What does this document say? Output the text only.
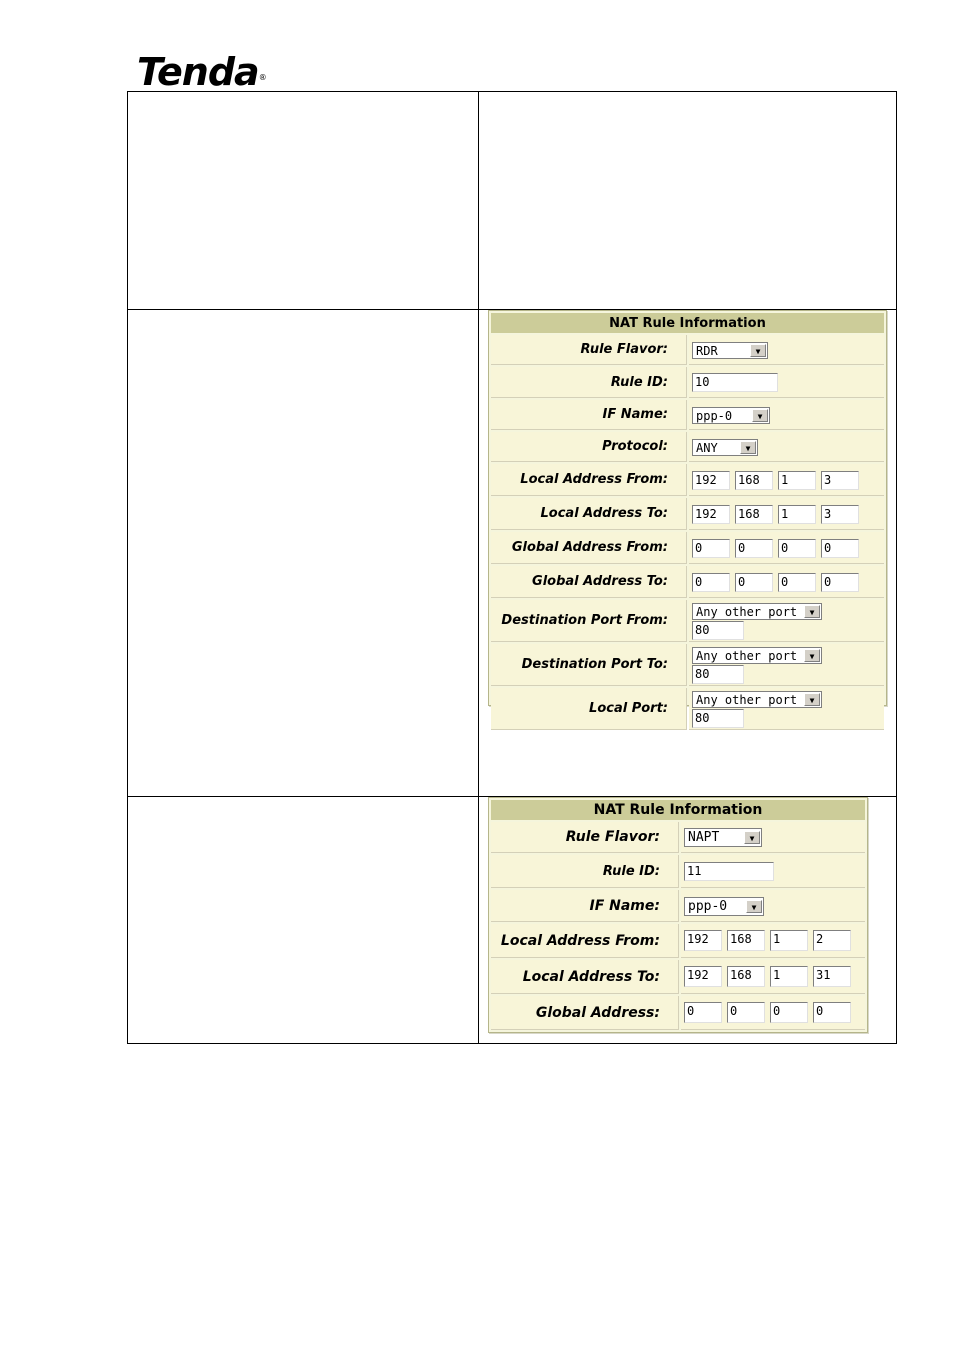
Tenda®

NAT Rule Information	
Rule Flavor:	RDR ▼

Rule ID:	10
IF Name:	ppp-0 ▼

Protocol:	ANY ▼

Local Address From:	192 168 1 3
Local Address To:	192 168 1 3
Global Address From:	0 0 0 0
Global Address To:	0 0 0 0
Destination Port From:	Any other port ▼
80
Destination Port To:	Any other port ▼
80
Local Port:	Any other port ▼
80
NAT Rule Information	
Rule Flavor:	NAPT ▼

Rule ID:	11
IF Name:	ppp-0 ▼

Local Address From:	192 168 1 2
Local Address To:	192 168 1 31
Global Address:	0 0 0 0
